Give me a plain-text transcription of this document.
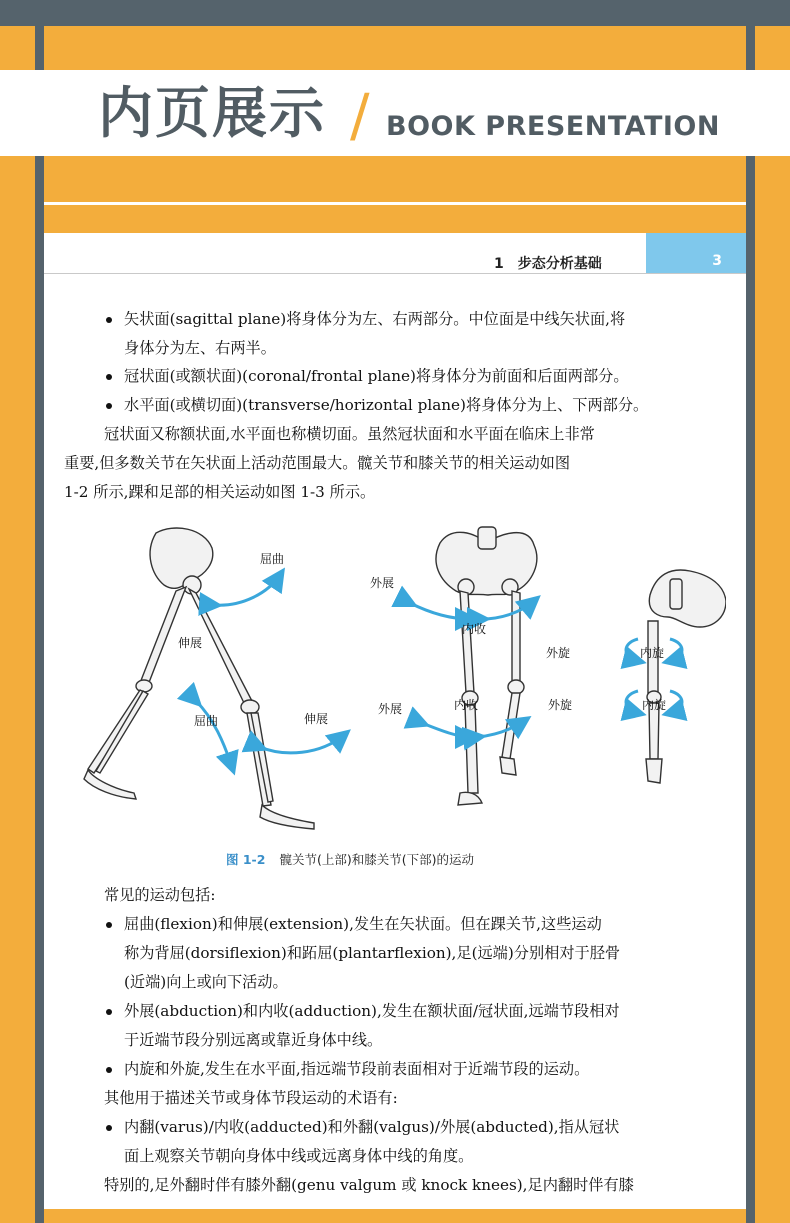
内页展示 / BOOK PRESENTATION
1　步态分析基础	3
矢状面(sagittal plane)将身体分为左、右两部分。中位面是中线矢状面,将
身体分为左、右两半。
冠状面(或额状面)(coronal/frontal plane)将身体分为前面和后面两部分。
水平面(或横切面)(transverse/horizontal plane)将身体分为上、下两部分。
冠状面又称额状面,水平面也称横切面。虽然冠状面和水平面在临床上非常
重要,但多数关节在矢状面上活动范围最大。髋关节和膝关节的相关运动如图
1-2 所示,踝和足部的相关运动如图 1-3 所示。
屈曲
伸展
屈曲	伸展
外展
内收
外展	内收
外旋	内旋
外旋	内旋
图 1-2 髋关节(上部)和膝关节(下部)的运动
常见的运动包括:
屈曲(flexion)和伸展(extension),发生在矢状面。但在踝关节,这些运动
称为背屈(dorsiflexion)和跖屈(plantarflexion),足(远端)分别相对于胫骨
(近端)向上或向下活动。
外展(abduction)和内收(adduction),发生在额状面/冠状面,远端节段相对
于近端节段分别远离或靠近身体中线。
内旋和外旋,发生在水平面,指远端节段前表面相对于近端节段的运动。
其他用于描述关节或身体节段运动的术语有:
内翻(varus)/内收(adducted)和外翻(valgus)/外展(abducted),指从冠状
面上观察关节朝向身体中线或远离身体中线的角度。
特别的,足外翻时伴有膝外翻(genu valgum 或 knock knees),足内翻时伴有膝
